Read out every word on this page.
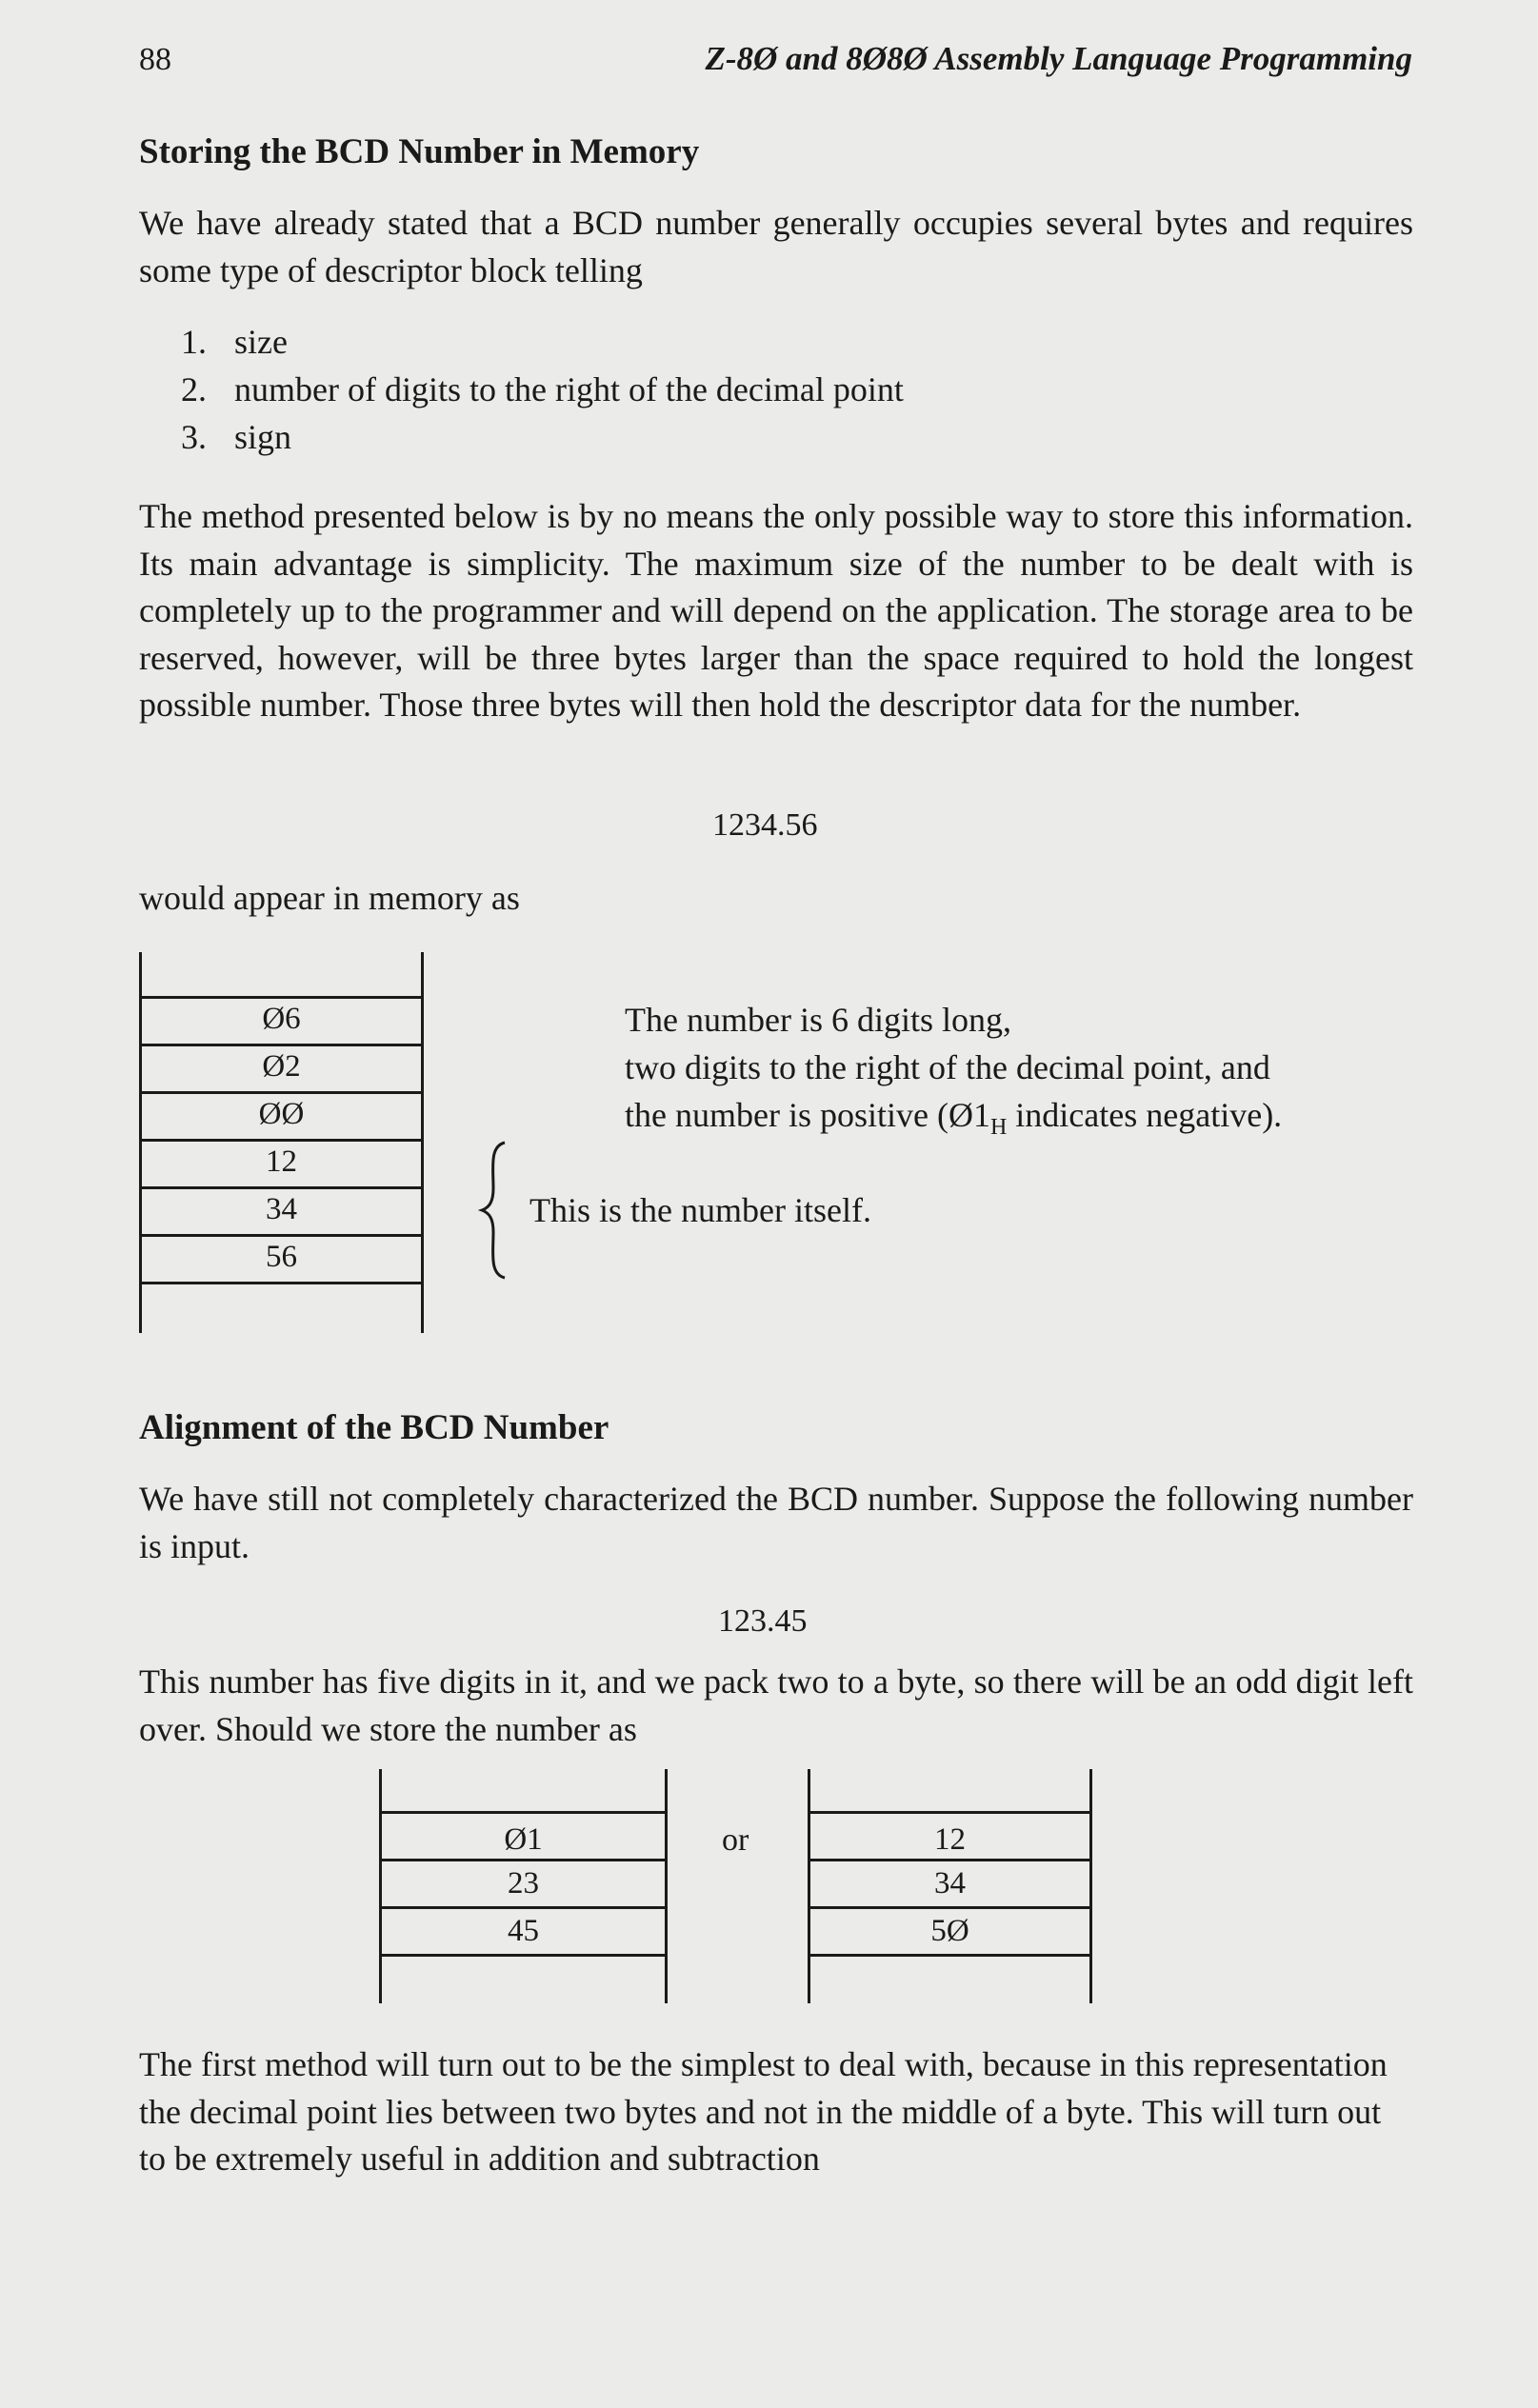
88	Z-8Ø and 8Ø8Ø Assembly Language Programming
Storing the BCD Number in Memory

We have already stated that a BCD number generally occupies several bytes and requires some type of descriptor block telling

1. size
2. number of digits to the right of the decimal point
3. sign

The method presented below is by no means the only possible way to store this information. Its main advantage is simplicity. The maximum size of the number to be dealt with is completely up to the programmer and will depend on the application. The storage area to be reserved, however, will be three bytes larger than the space required to hold the longest possible number. Those three bytes will then hold the descriptor data for the number.

1234.56
would appear in memory as
Ø6
Ø2
ØØ
12
34
56
The number is 6 digits long,
two digits to the right of the decimal point, and
the number is positive ($Ø1_H$ indicates negative).
This is the number itself.
Alignment of the BCD Number

We have still not completely characterized the BCD number. Suppose the following number is input.

123.45

This number has five digits in it, and we pack two to a byte, so there will be an odd digit left over. Should we store the number as

Ø1
23
45
or	12
34
5Ø

The first method will turn out to be the simplest to deal with, because in this representation the decimal point lies between two bytes and not in the middle of a byte. This will turn out to be extremely useful in addition and subtraction
